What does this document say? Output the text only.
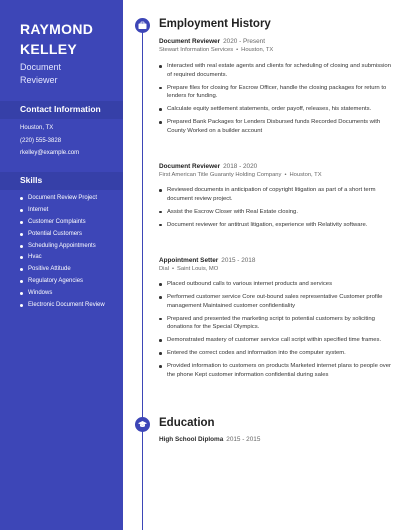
RAYMOND
KELLEY
Document
Reviewer
Contact Information
Houston, TX
(220) 555-3828
rkelley@example.com
Skills
Document Review Project
Internet
Customer Complaints
Potential Customers
Scheduling Appointments
Hvac
Positive Attitude
Regulatory Agencies
Windows
Electronic Document Review
Employment History
Document Reviewer 2020 - Present
Stewart Information Services • Houston, TX
Interacted with real estate agents and clients for scheduling of closing and submission of required documents.
Prepare files for closing for Escrow Officer, handle the closing packages for return to lenders for funding.
Calculate equity settlement statements, order payoff, releases, his statements.
Prepared Bank Packages for Lenders Disbursed funds Recorded Documents with County Worked on a builder account
Document Reviewer 2018 - 2020
First American Title Guaranty Holding Company • Houston, TX
Reviewed documents in anticipation of copyright litigation as part of a short term document review project.
Assist the Escrow Closer with Real Estate closing.
Document reviewer for antitrust litigation, experience with Relativity software.
Appointment Setter 2015 - 2018
Dial • Saint Louis, MO
Placed outbound calls to various internet products and services
Performed customer service Core out-bound sales representative Customer profile management Maintained customer confidentiality
Prepared and presented the marketing script to potential customers by soliciting donations for the Special Olympics.
Demonstrated mastery of customer service call script within specified time frames.
Entered the correct codes and information into the computer system.
Provided information to customers on products Marketed internet plans to people over the phone Kept customer information confidential during sales
Education
High School Diploma 2015 - 2015
